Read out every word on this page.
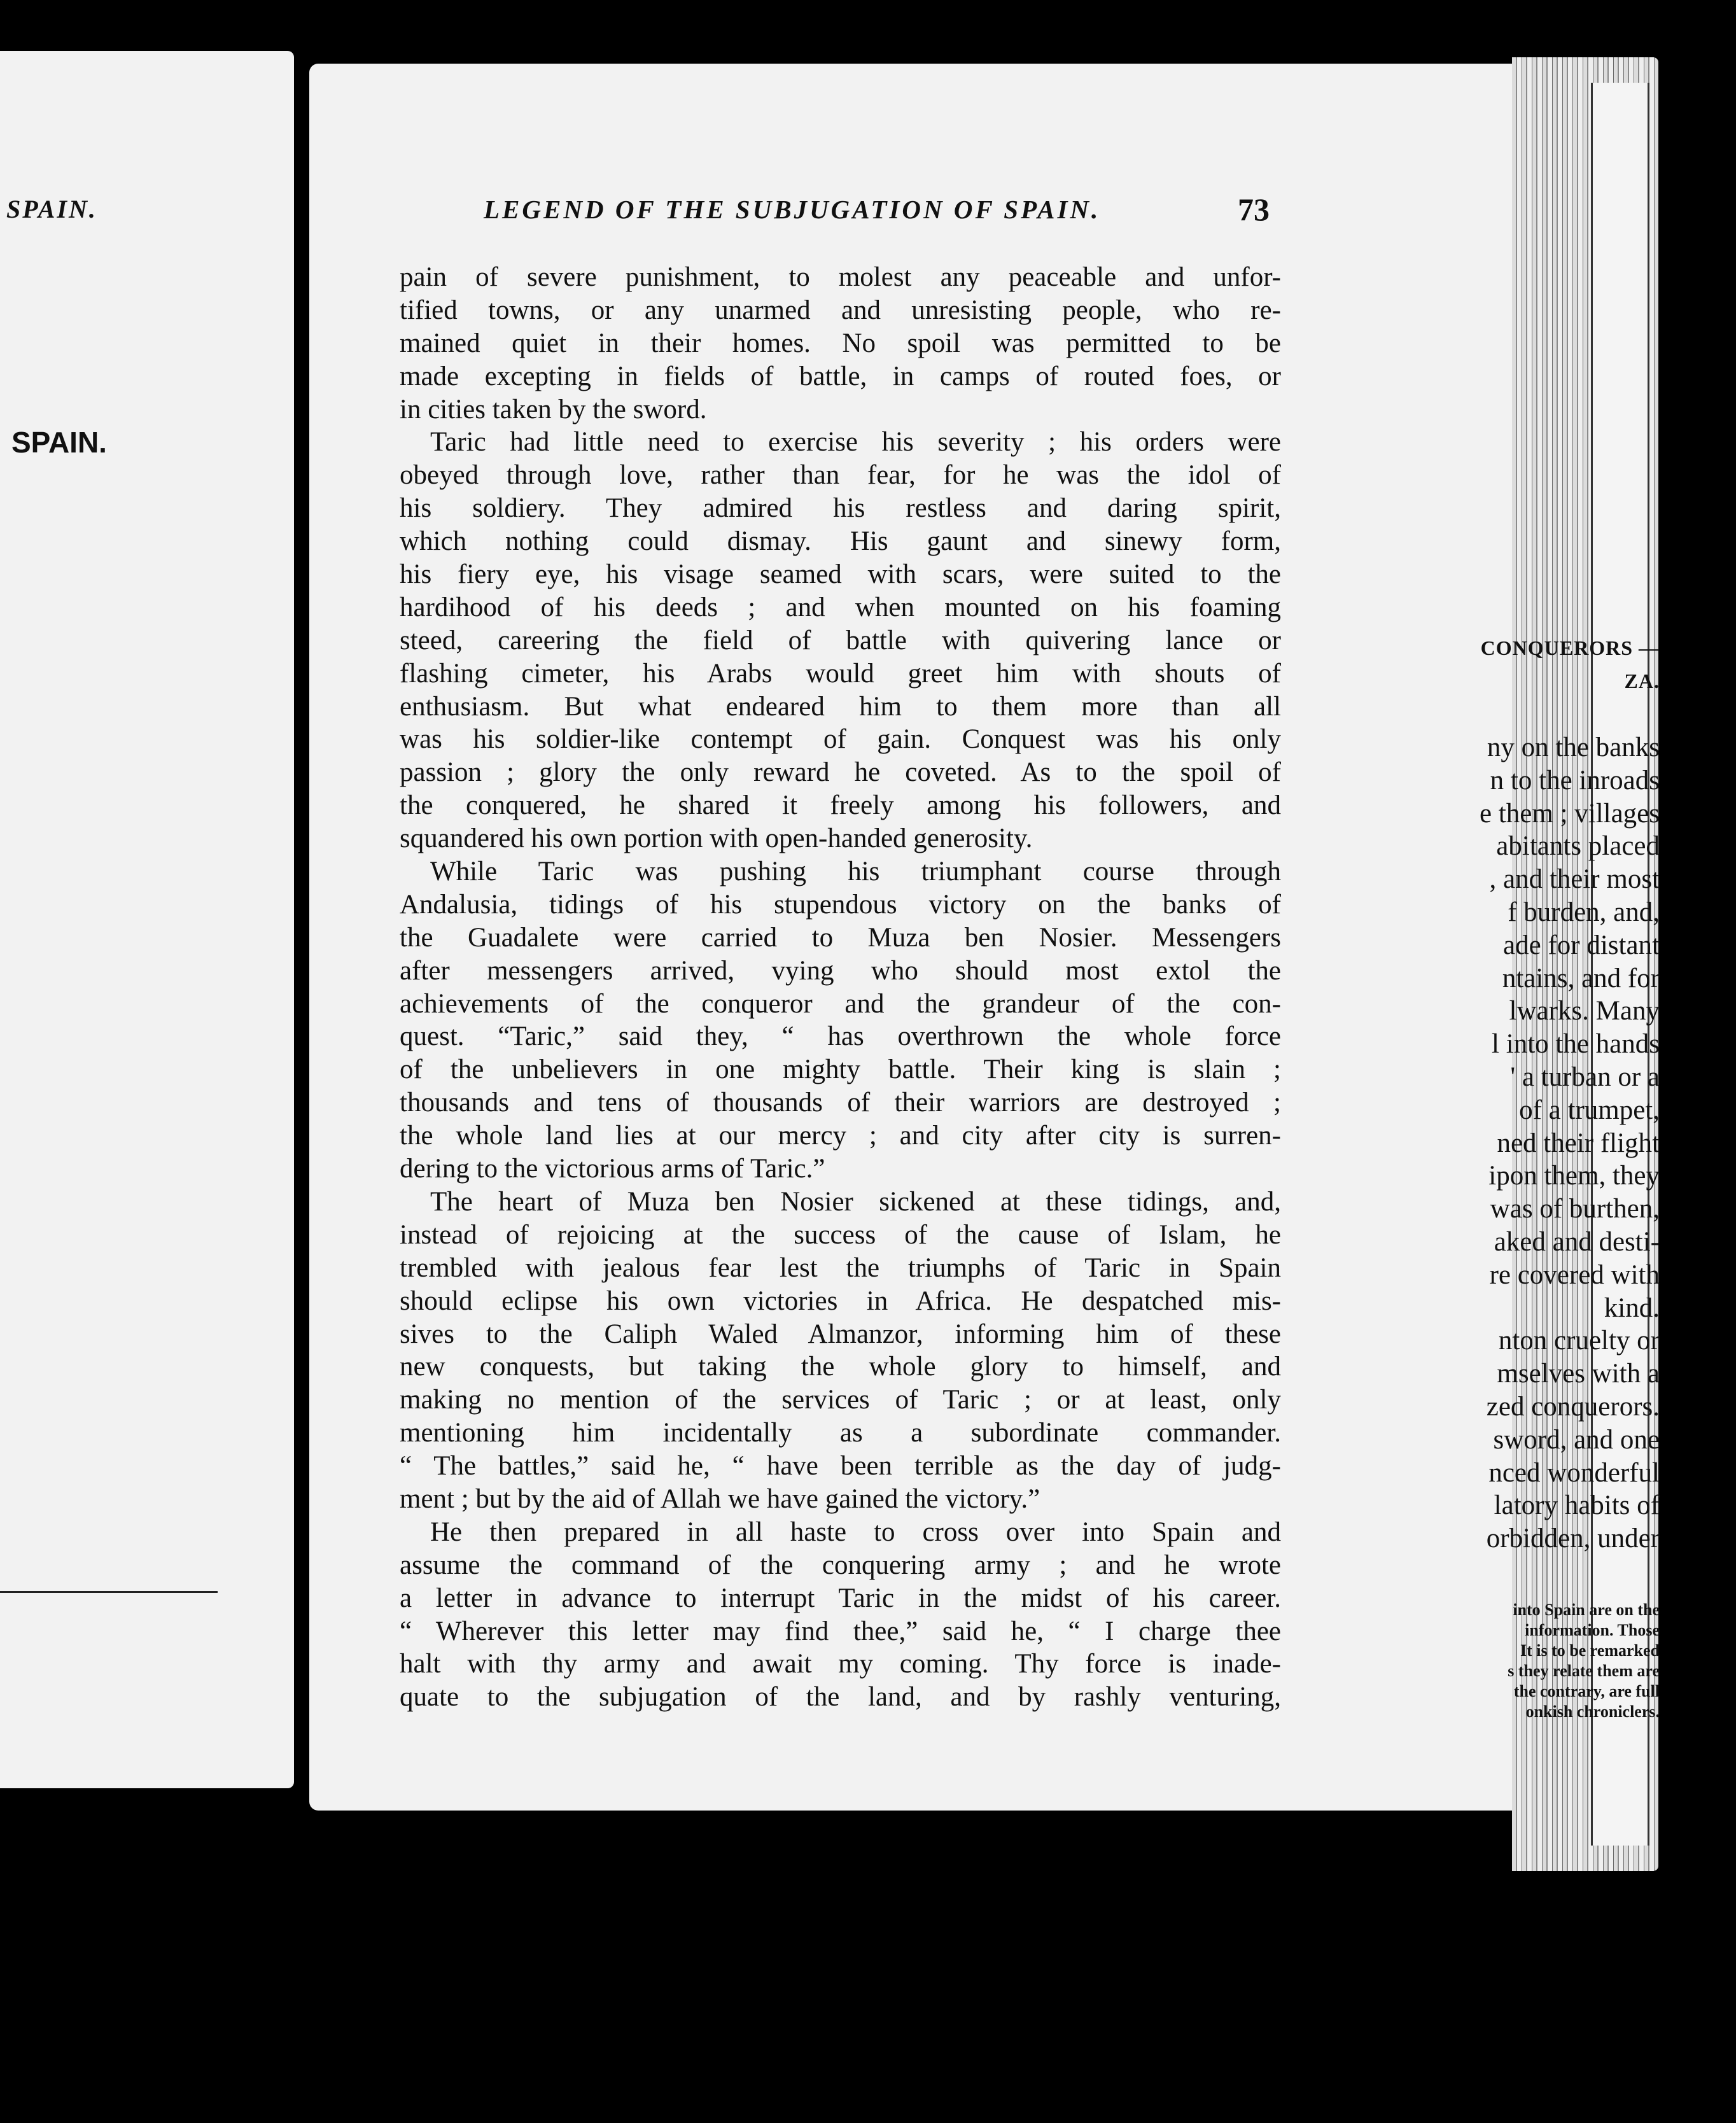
SPAIN.
SPAIN.
CONQUERORS —
ZA.
ny on the banks
n to the inroads
e them ; villages
abitants placed
, and their most
f burden, and,
ade for distant
ntains, and for
lwarks. Many
l into the hands
' a turban or a
of a trumpet,
ned their flight
ipon them, they
was of burthen,
aked and desti-
re covered with
kind.
nton cruelty or
mselves with a
zed conquerors.
sword, and one
nced wonderful
latory habits of
orbidden, under
into Spain are on the
information. Those
It is to be remarked
s they relate them are
the contrary, are full
onkish chroniclers.
LEGEND OF THE SUBJUGATION OF SPAIN.	73
pain of severe punishment, to molest any peaceable and unfor-
tified towns, or any unarmed and unresisting people, who re-
mained quiet in their homes. No spoil was permitted to be
made excepting in fields of battle, in camps of routed foes, or
in cities taken by the sword.
Taric had little need to exercise his severity ; his orders were
obeyed through love, rather than fear, for he was the idol of
his soldiery. They admired his restless and daring spirit,
which nothing could dismay. His gaunt and sinewy form,
his fiery eye, his visage seamed with scars, were suited to the
hardihood of his deeds ; and when mounted on his foaming
steed, careering the field of battle with quivering lance or
flashing cimeter, his Arabs would greet him with shouts of
enthusiasm. But what endeared him to them more than all
was his soldier-like contempt of gain. Conquest was his only
passion ; glory the only reward he coveted. As to the spoil of
the conquered, he shared it freely among his followers, and
squandered his own portion with open-handed generosity.
While Taric was pushing his triumphant course through
Andalusia, tidings of his stupendous victory on the banks of
the Guadalete were carried to Muza ben Nosier. Messengers
after messengers arrived, vying who should most extol the
achievements of the conqueror and the grandeur of the con-
quest. “Taric,” said they, “ has overthrown the whole force
of the unbelievers in one mighty battle. Their king is slain ;
thousands and tens of thousands of their warriors are destroyed ;
the whole land lies at our mercy ; and city after city is surren-
dering to the victorious arms of Taric.”
The heart of Muza ben Nosier sickened at these tidings, and,
instead of rejoicing at the success of the cause of Islam, he
trembled with jealous fear lest the triumphs of Taric in Spain
should eclipse his own victories in Africa. He despatched mis-
sives to the Caliph Waled Almanzor, informing him of these
new conquests, but taking the whole glory to himself, and
making no mention of the services of Taric ; or at least, only
mentioning him incidentally as a subordinate commander.
“ The battles,” said he, “ have been terrible as the day of judg-
ment ; but by the aid of Allah we have gained the victory.”
He then prepared in all haste to cross over into Spain and
assume the command of the conquering army ; and he wrote
a letter in advance to interrupt Taric in the midst of his career.
“ Wherever this letter may find thee,” said he, “ I charge thee
halt with thy army and await my coming. Thy force is inade-
quate to the subjugation of the land, and by rashly venturing,
